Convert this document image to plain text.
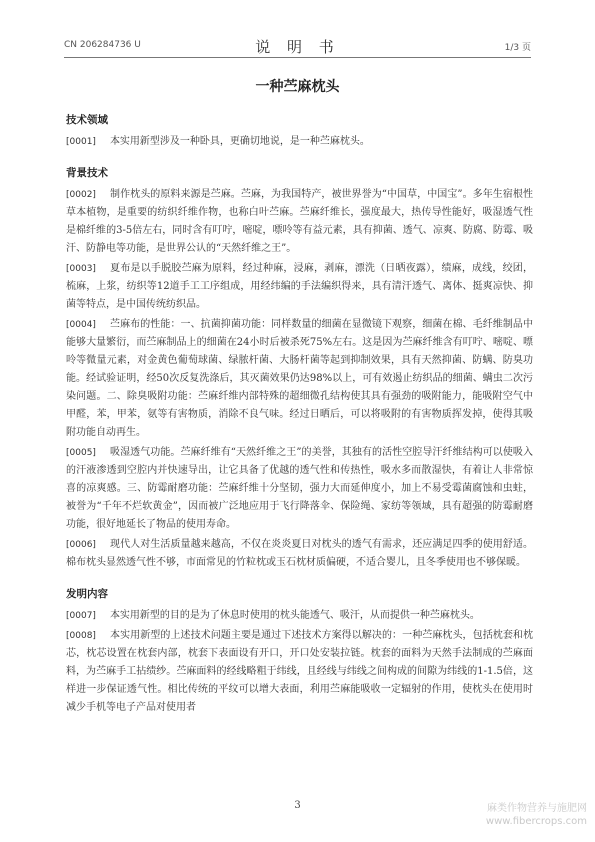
CN 206284736 U	说 明 书	1/3 页
一种苎麻枕头
技术领域

[0001] 本实用新型涉及一种卧具，更确切地说，是一种苎麻枕头。

背景技术

[0002] 制作枕头的原料来源是苎麻。苎麻，为我国特产，被世界誉为“中国草，中国宝”。多年生宿根性草本植物，是重要的纺织纤维作物，也称白叶苎麻。苎麻纤维长，强度最大，热传导性能好，吸湿透气性是棉纤维的3-5倍左右，同时含有叮咛，嘧啶，嘌呤等有益元素，具有抑菌、透气、凉爽、防腐、防霉、吸汗、防静电等功能，是世界公认的“天然纤维之王”。

[0003] 夏布是以手脱胶苎麻为原料，经过种麻，浸麻，剥麻，漂洗（日晒夜露），绩麻，成线，绞团，梳麻，上浆，纺织等12道手工工序组成，用经纬编的手法编织得来，具有清汗透气、离体、挺爽凉快、抑菌等特点，是中国传统纺织品。

[0004] 苎麻布的性能：一、抗菌抑菌功能：同样数量的细菌在显微镜下观察，细菌在棉、毛纤维制品中能够大量繁衍，而苎麻制品上的细菌在24小时后被杀死75%左右。这是因为苎麻纤维含有叮咛、嘧啶、嘌呤等微量元素，对金黄色葡萄球菌、绿脓杆菌、大肠杆菌等起到抑制效果，具有天然抑菌、防螨、防臭功能。经试验证明，经50次反复洗涤后，其灭菌效果仍达98%以上，可有效遏止纺织品的细菌、螨虫二次污染问题。二、除臭吸附功能：苎麻纤维内部特殊的超细微孔结构使其具有强劲的吸附能力，能吸附空气中甲醛，苯，甲苯，氨等有害物质，消除不良气味。经过日晒后，可以将吸附的有害物质挥发掉，使得其吸附功能自动再生。

[0005] 吸湿透气功能。苎麻纤维有“天然纤维之王”的美誉，其独有的活性空腔导汗纤维结构可以使吸入的汗液渗透到空腔内并快速导出，让它具备了优越的透气性和传热性，吸水多而散湿快，有着让人非常惊喜的凉爽感。三、防霉耐磨功能：苎麻纤维十分坚韧，强力大而延伸度小，加上不易受霉菌腐蚀和虫蛀，被誉为“千年不烂软黄金”，因而被广泛地应用于飞行降落伞、保险绳、家纺等领域，具有超强的防霉耐磨功能，很好地延长了物品的使用寿命。

[0006] 现代人对生活质量越来越高，不仅在炎炎夏日对枕头的透气有需求，还应满足四季的使用舒适。棉布枕头显然透气性不够，市面常见的竹粒枕或玉石枕材质偏硬，不适合婴儿，且冬季使用也不够保暖。

发明内容

[0007] 本实用新型的目的是为了休息时使用的枕头能透气、吸汗，从而提供一种苎麻枕头。

[0008] 本实用新型的上述技术问题主要是通过下述技术方案得以解决的：一种苎麻枕头，包括枕套和枕芯，枕芯设置在枕套内部，枕套下表面设有开口，开口处安装拉链。枕套的面料为天然手法制成的苎麻面料，为苎麻手工拈绩纱。苎麻面料的经线略粗于纬线，且经线与纬线之间构成的间隙为纬线的1-1.5倍，这样进一步保证透气性。相比传统的平纹可以增大表面，利用苎麻能吸收一定辐射的作用，使枕头在使用时减少手机等电子产品对使用者

3	麻类作物营养与施肥网
www.fibercrops.com
